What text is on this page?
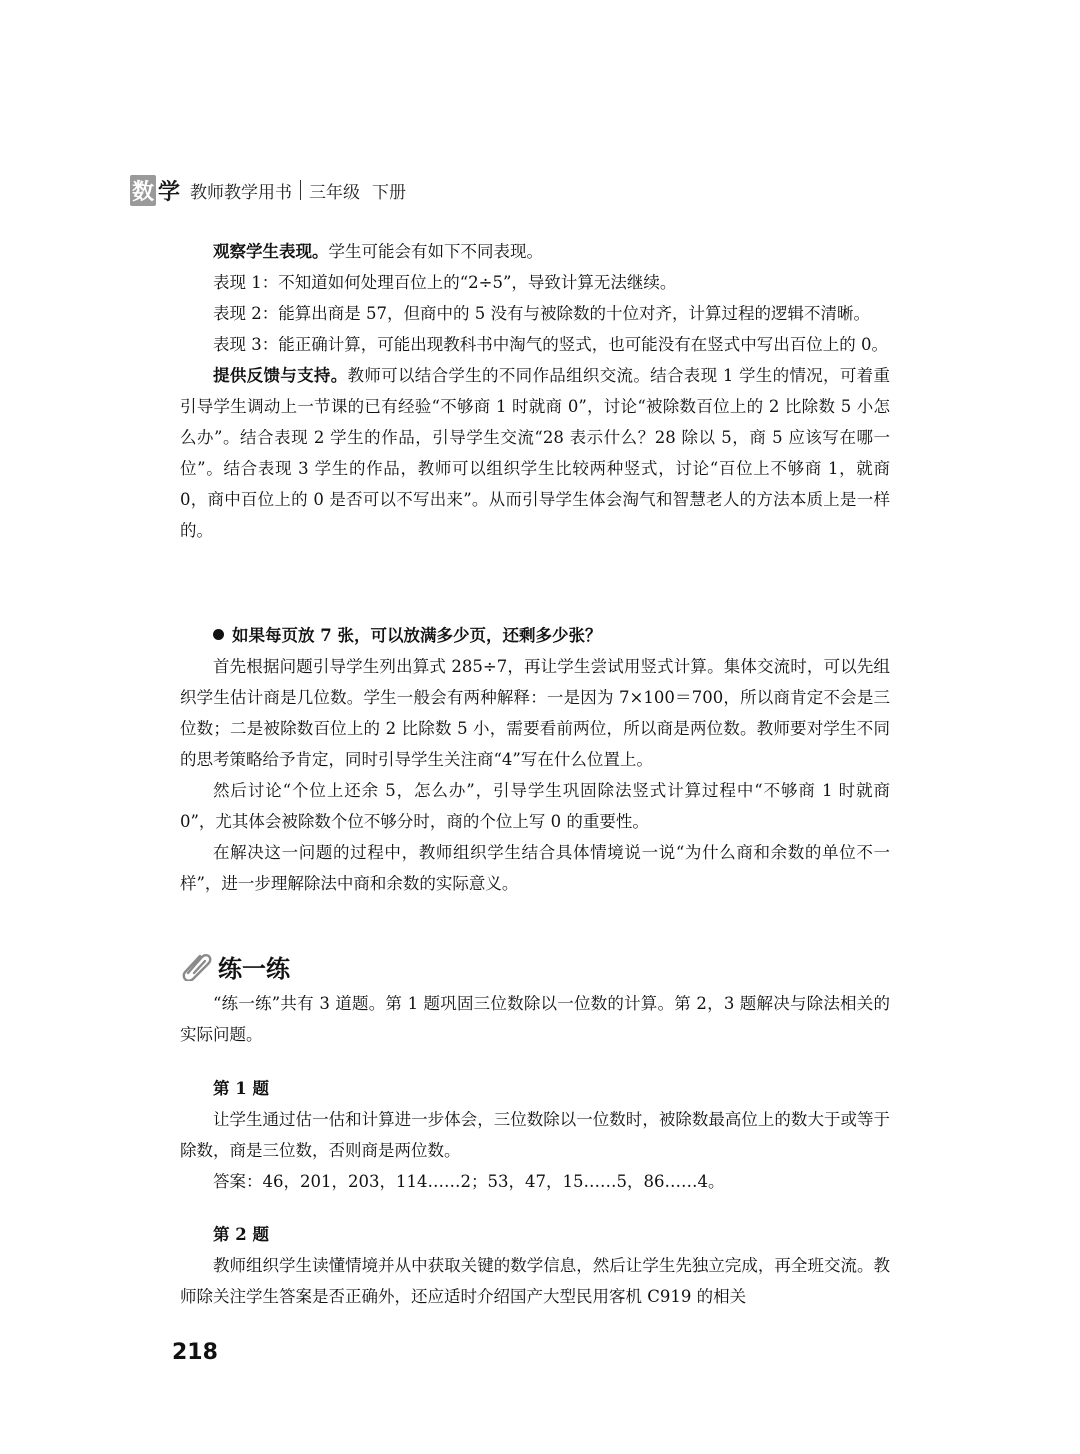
数 学 教师教学用书 三年级 下册

观察学生表现。学生可能会有如下不同表现。

表现 1：不知道如何处理百位上的“2÷5”，导致计算无法继续。

表现 2：能算出商是 57，但商中的 5 没有与被除数的十位对齐，计算过程的逻辑不清晰。

表现 3：能正确计算，可能出现教科书中淘气的竖式，也可能没有在竖式中写出百位上的 0。

提供反馈与支持。教师可以结合学生的不同作品组织交流。结合表现 1 学生的情况，可着重引导学生调动上一节课的已有经验“不够商 1 时就商 0”，讨论“被除数百位上的 2 比除数 5 小怎么办”。结合表现 2 学生的作品，引导学生交流“28 表示什么？28 除以 5，商 5 应该写在哪一位”。结合表现 3 学生的作品，教师可以组织学生比较两种竖式，讨论“百位上不够商 1，就商 0，商中百位上的 0 是否可以不写出来”。从而引导学生体会淘气和智慧老人的方法本质上是一样的。

如果每页放 7 张，可以放满多少页，还剩多少张？

首先根据问题引导学生列出算式 285÷7，再让学生尝试用竖式计算。集体交流时，可以先组织学生估计商是几位数。学生一般会有两种解释：一是因为 7×100＝700，所以商肯定不会是三位数；二是被除数百位上的 2 比除数 5 小，需要看前两位，所以商是两位数。教师要对学生不同的思考策略给予肯定，同时引导学生关注商“4”写在什么位置上。

然后讨论“个位上还余 5，怎么办”，引导学生巩固除法竖式计算过程中“不够商 1 时就商 0”，尤其体会被除数个位不够分时，商的个位上写 0 的重要性。

在解决这一问题的过程中，教师组织学生结合具体情境说一说“为什么商和余数的单位不一样”，进一步理解除法中商和余数的实际意义。

练一练

“练一练”共有 3 道题。第 1 题巩固三位数除以一位数的计算。第 2，3 题解决与除法相关的实际问题。

第 1 题

让学生通过估一估和计算进一步体会，三位数除以一位数时，被除数最高位上的数大于或等于除数，商是三位数，否则商是两位数。

答案：46，201，203，114……2；53，47，15……5，86……4。

第 2 题

教师组织学生读懂情境并从中获取关键的数学信息，然后让学生先独立完成，再全班交流。教师除关注学生答案是否正确外，还应适时介绍国产大型民用客机 C919 的相关

218
